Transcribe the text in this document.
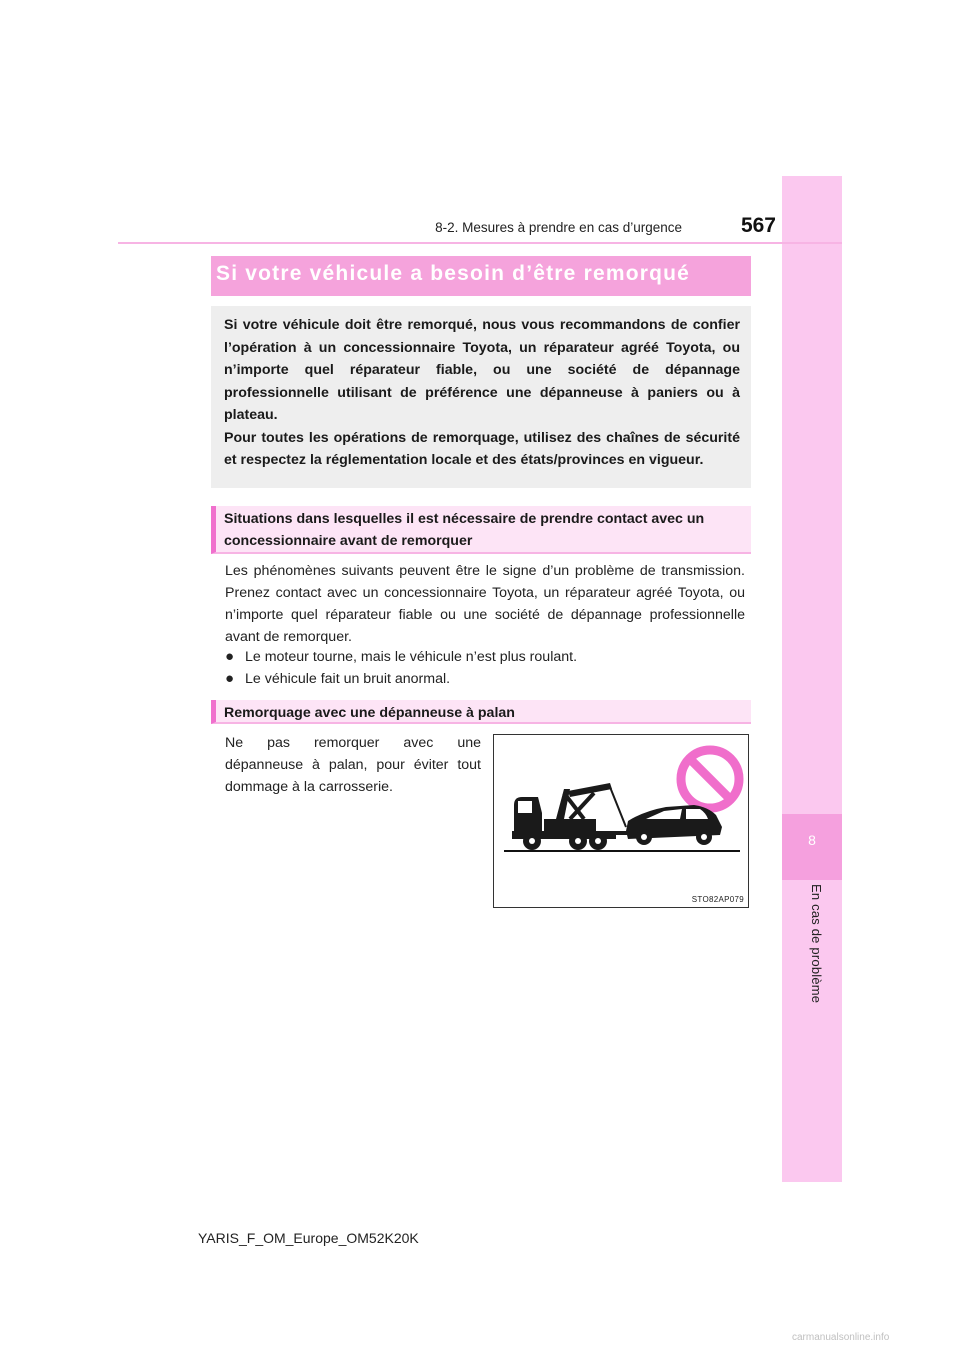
8
En cas de problème
8-2. Mesures à prendre en cas d’urgence	567
Si votre véhicule a besoin d’être remorqué

Si votre véhicule doit être remorqué, nous vous recommandons de confier l’opération à un concessionnaire Toyota, un réparateur agréé Toyota, ou n’importe quel réparateur fiable, ou une société de dépannage professionnelle utilisant de préférence une dépanneuse à paniers ou à plateau.

Pour toutes les opérations de remorquage, utilisez des chaînes de sécurité et respectez la réglementation locale et des états/provinces en vigueur.

Situations dans lesquelles il est nécessaire de prendre contact avec un concessionnaire avant de remorquer
Les phénomènes suivants peuvent être le signe d’un problème de transmission. Prenez contact avec un concessionnaire Toyota, un réparateur agréé Toyota, ou n’importe quel réparateur fiable ou une société de dépannage professionnelle avant de remorquer.
● Le moteur tourne, mais le véhicule n’est plus roulant.
● Le véhicule fait un bruit anormal.
Remorquage avec une dépanneuse à palan
Ne pas remorquer avec une dépanneuse à palan, pour éviter tout dommage à la carrosserie.
STO82AP079
YARIS_F_OM_Europe_OM52K20K
carmanualsonline.info
